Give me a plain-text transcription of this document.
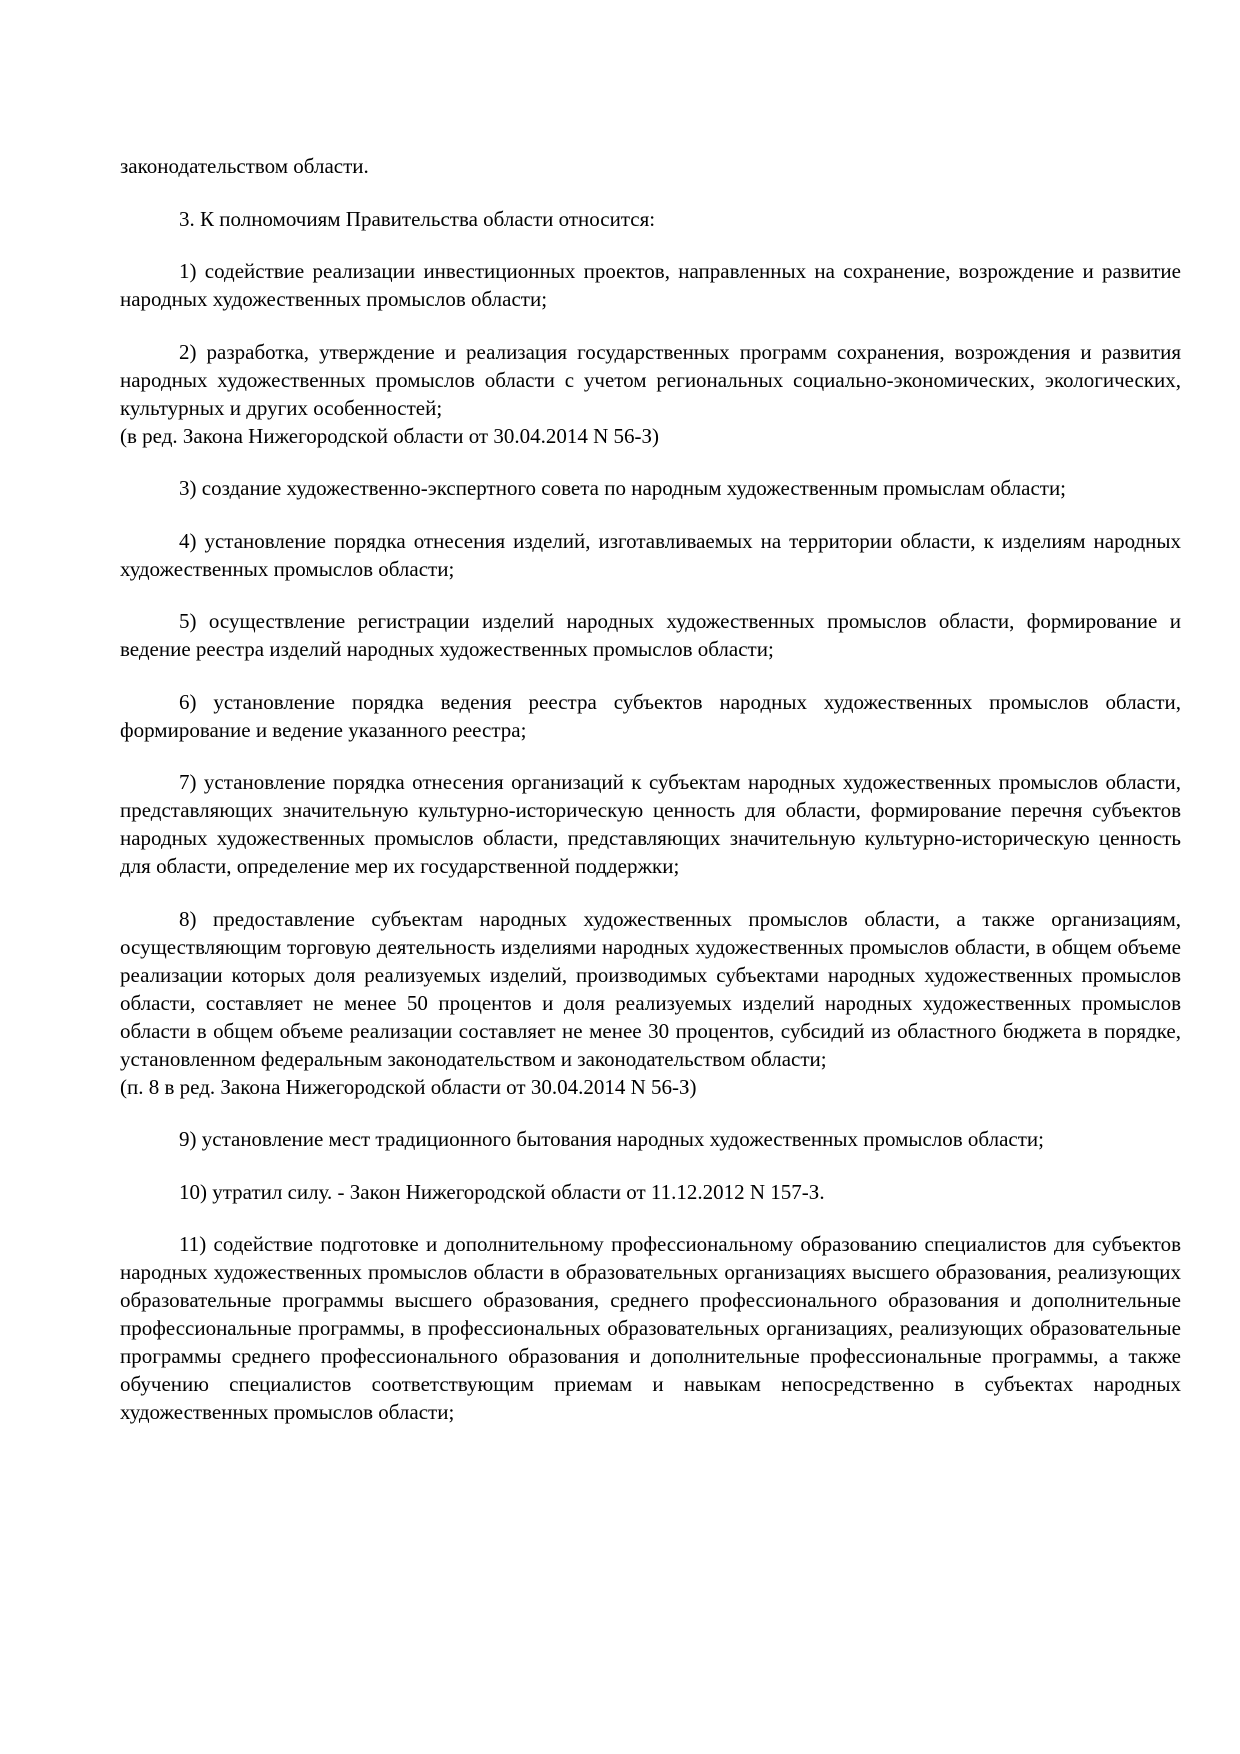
законодательством области.

3. К полномочиям Правительства области относится:

1) содействие реализации инвестиционных проектов, направленных на сохранение, возрождение и развитие народных художественных промыслов области;

2) разработка, утверждение и реализация государственных программ сохранения, возрождения и развития народных художественных промыслов области с учетом региональных социально-экономических, экологических, культурных и других особенностей;
(в ред. Закона Нижегородской области от 30.04.2014 N 56-З)

3) создание художественно-экспертного совета по народным художественным промыслам области;

4) установление порядка отнесения изделий, изготавливаемых на территории области, к изделиям народных художественных промыслов области;

5) осуществление регистрации изделий народных художественных промыслов области, формирование и ведение реестра изделий народных художественных промыслов области;

6) установление порядка ведения реестра субъектов народных художественных промыслов области, формирование и ведение указанного реестра;

7) установление порядка отнесения организаций к субъектам народных художественных промыслов области, представляющих значительную культурно-историческую ценность для области, формирование перечня субъектов народных художественных промыслов области, представляющих значительную культурно-историческую ценность для области, определение мер их государственной поддержки;

8) предоставление субъектам народных художественных промыслов области, а также организациям, осуществляющим торговую деятельность изделиями народных художественных промыслов области, в общем объеме реализации которых доля реализуемых изделий, производимых субъектами народных художественных промыслов области, составляет не менее 50 процентов и доля реализуемых изделий народных художественных промыслов области в общем объеме реализации составляет не менее 30 процентов, субсидий из областного бюджета в порядке, установленном федеральным законодательством и законодательством области;
(п. 8 в ред. Закона Нижегородской области от 30.04.2014 N 56-З)

9) установление мест традиционного бытования народных художественных промыслов области;

10) утратил силу. - Закон Нижегородской области от 11.12.2012 N 157-З.

11) содействие подготовке и дополнительному профессиональному образованию специалистов для субъектов народных художественных промыслов области в образовательных организациях высшего образования, реализующих образовательные программы высшего образования, среднего профессионального образования и дополнительные профессиональные программы, в профессиональных образовательных организациях, реализующих образовательные программы среднего профессионального образования и дополнительные профессиональные программы, а также обучению специалистов соответствующим приемам и навыкам непосредственно в субъектах народных художественных промыслов области;
